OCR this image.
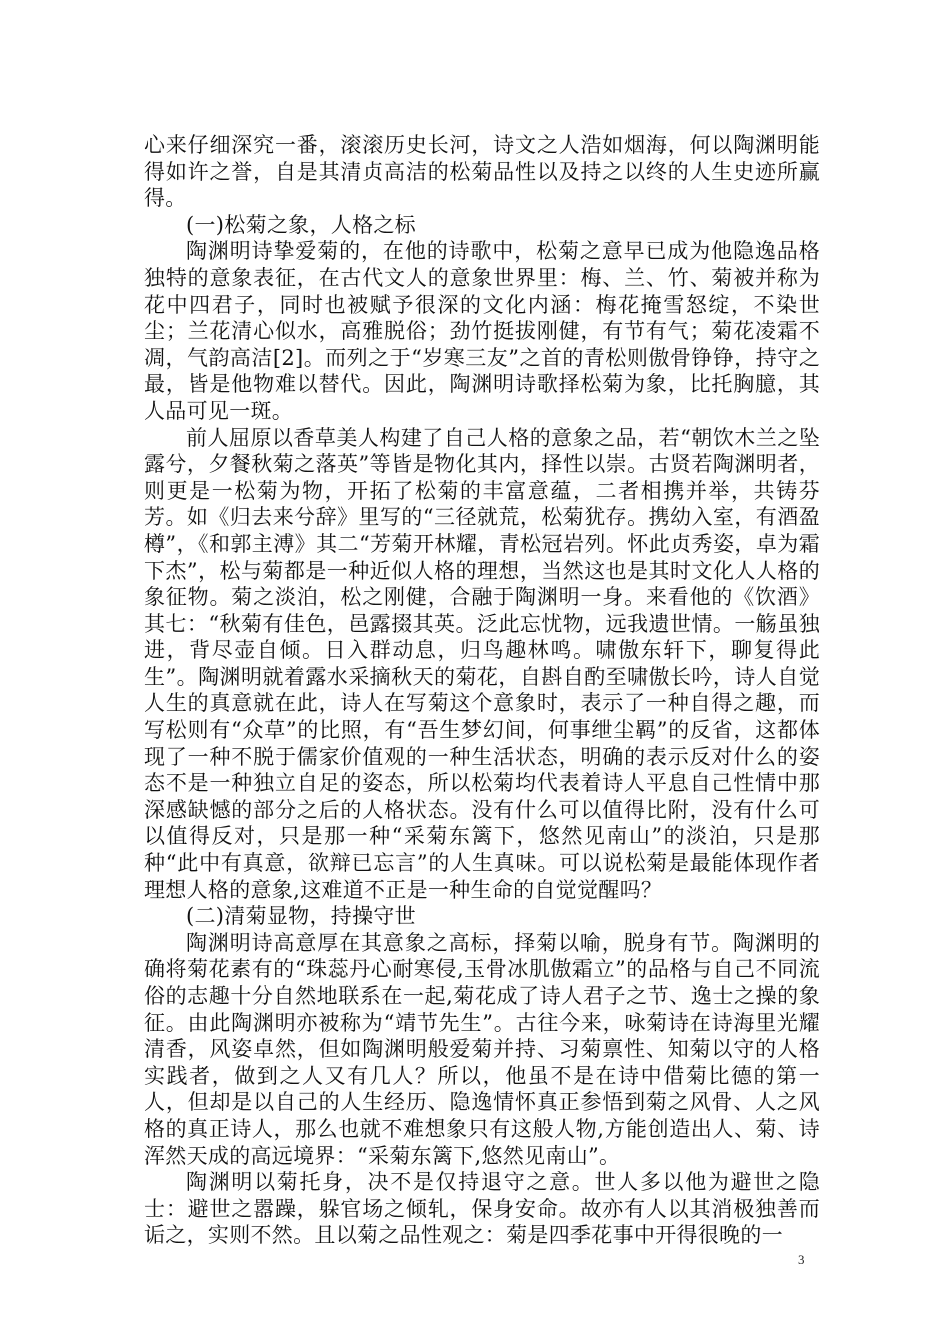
心来仔细深究一番，滚滚历史长河，诗文之人浩如烟海，何以陶渊明能得如许之誉，自是其清贞高洁的松菊品性以及持之以终的人生史迹所赢得。

(一)松菊之象，人格之标

陶渊明诗挚爱菊的，在他的诗歌中，松菊之意早已成为他隐逸品格独特的意象表征，在古代文人的意象世界里：梅、兰、竹、菊被并称为花中四君子，同时也被赋予很深的文化内涵：梅花掩雪怒绽，不染世尘；兰花清心似水，高雅脱俗；劲竹挺拔刚健，有节有气；菊花凌霜不凋，气韵高洁[2]。而列之于“岁寒三友”之首的青松则傲骨铮铮，持守之最，皆是他物难以替代。因此，陶渊明诗歌择松菊为象，比托胸臆，其人品可见一斑。

前人屈原以香草美人构建了自己人格的意象之品，若“朝饮木兰之坠露兮，夕餐秋菊之落英”等皆是物化其内，择性以崇。古贤若陶渊明者，则更是一松菊为物，开拓了松菊的丰富意蕴，二者相携并举，共铸芬芳。如《归去来兮辞》里写的“三径就荒，松菊犹存。携幼入室，有酒盈樽”，《和郭主溥》其二“芳菊开林耀，青松冠岩列。怀此贞秀姿，卓为霜下杰”，松与菊都是一种近似人格的理想，当然这也是其时文化人人格的象征物。菊之淡泊，松之刚健，合融于陶渊明一身。来看他的《饮酒》其七：“秋菊有佳色，邑露掇其英。泛此忘忧物，远我遗世情。一觞虽独进，背尽壶自倾。日入群动息，归鸟趣林鸣。啸傲东轩下，聊复得此生”。陶渊明就着露水采摘秋天的菊花，自斟自酌至啸傲长吟，诗人自觉人生的真意就在此，诗人在写菊这个意象时，表示了一种自得之趣，而写松则有“众草”的比照，有“吾生梦幻间，何事绁尘羁”的反省，这都体现了一种不脱于儒家价值观的一种生活状态，明确的表示反对什么的姿态不是一种独立自足的姿态，所以松菊均代表着诗人平息自己性情中那深感缺憾的部分之后的人格状态。没有什么可以值得比附，没有什么可以值得反对，只是那一种“采菊东篱下，悠然见南山”的淡泊，只是那种“此中有真意，欲辩已忘言”的人生真味。可以说松菊是最能体现作者理想人格的意象,这难道不正是一种生命的自觉觉醒吗？

(二)清菊显物，持操守世

陶渊明诗高意厚在其意象之高标，择菊以喻，脱身有节。陶渊明的确将菊花素有的“珠蕊丹心耐寒侵,玉骨冰肌傲霜立”的品格与自己不同流俗的志趣十分自然地联系在一起,菊花成了诗人君子之节、逸士之操的象征。由此陶渊明亦被称为“靖节先生”。古往今来，咏菊诗在诗海里光耀清香，风姿卓然，但如陶渊明般爱菊并持、习菊禀性、知菊以守的人格实践者，做到之人又有几人？所以，他虽不是在诗中借菊比德的第一人，但却是以自己的人生经历、隐逸情怀真正参悟到菊之风骨、人之风格的真正诗人，那么也就不难想象只有这般人物,方能创造出人、菊、诗浑然天成的高远境界：“采菊东篱下,悠然见南山”。

陶渊明以菊托身，决不是仅持退守之意。世人多以他为避世之隐士：避世之嚣躁，躲官场之倾轧，保身安命。故亦有人以其消极独善而诟之，实则不然。且以菊之品性观之：菊是四季花事中开得很晚的一

3
